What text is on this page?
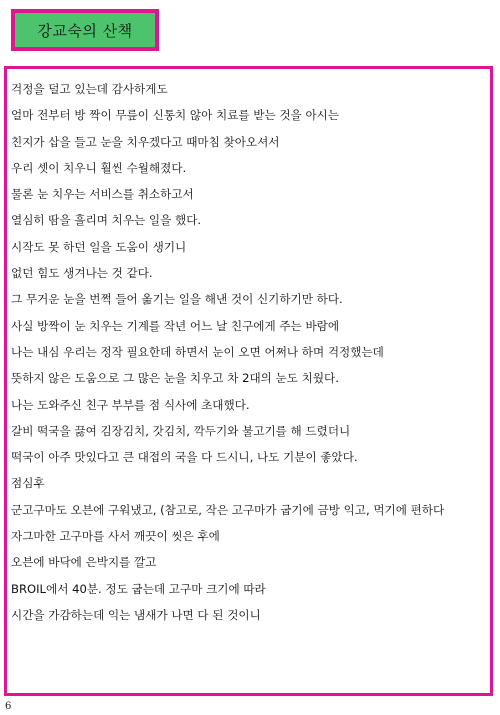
강교숙의 산책
걱정을 덜고 있는데 감사하게도
얼마 전부터 방 짝이 무릎이 신통치 않아 치료를 받는 것을 아시는
친지가 삽을 들고 눈을 치우겠다고 때마침 찾아오셔서
우리 셋이 치우니 훨씬 수월해졌다.
물론 눈 치우는 서비스를 취소하고서
열심히 땀을 흘리며 치우는 일을 했다.
시작도 못 하던 일을 도움이 생기니
없던 힘도 생겨나는 것 같다.
그 무거운 눈을 번쩍 들어 옮기는 일을 해낸 것이 신기하기만 하다.
사실 방짝이 눈 치우는 기계를 작년 어느 날 친구에게 주는 바람에
나는 내심 우리는 정작 필요한데 하면서 눈이 오면 어쩌나 하며 걱정했는데
뜻하지 않은 도움으로 그 많은 눈을 치우고 차 2대의 눈도 치웠다.
나는 도와주신 친구 부부를 점 식사에 초대했다.
갈비 떡국을 끓여 김장김치, 갓김치, 깍두기와 불고기를 해 드렸더니
떡국이 아주 맛있다고 큰 대접의 국을 다 드시니, 나도 기분이 좋았다.
점심후
군고구마도 오븐에 구워냈고, (참고로, 작은 고구마가 굽기에 금방 익고, 먹기에 편하다
자그마한 고구마를 사서 깨끗이 씻은 후에
오븐에 바닥에 은박지를 깔고
BROIL에서 40분. 정도 굽는데 고구마 크기에 따라
시간을 가감하는데 익는 냄새가 나면 다 된 것이니
6
